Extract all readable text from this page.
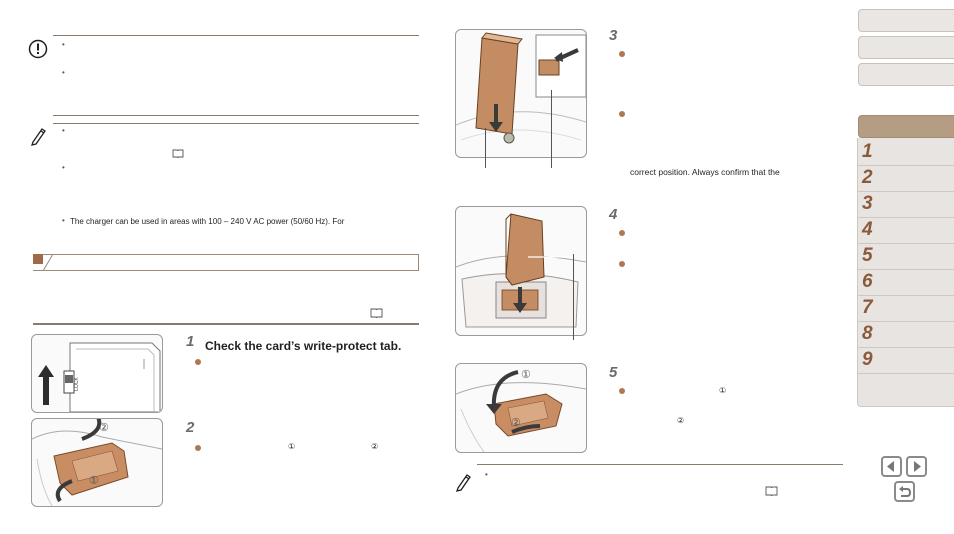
•
•
•
•
• The charger can be used in areas with 100 – 240 V AC power (50/60 Hz). For
LOCK
1 Check the card’s write-protect tab.
②
①
2
①	②
3
correct position. Always confirm that the
4
①
②
5
①
②
•
1
2
3
4
5
6
7
8
9
